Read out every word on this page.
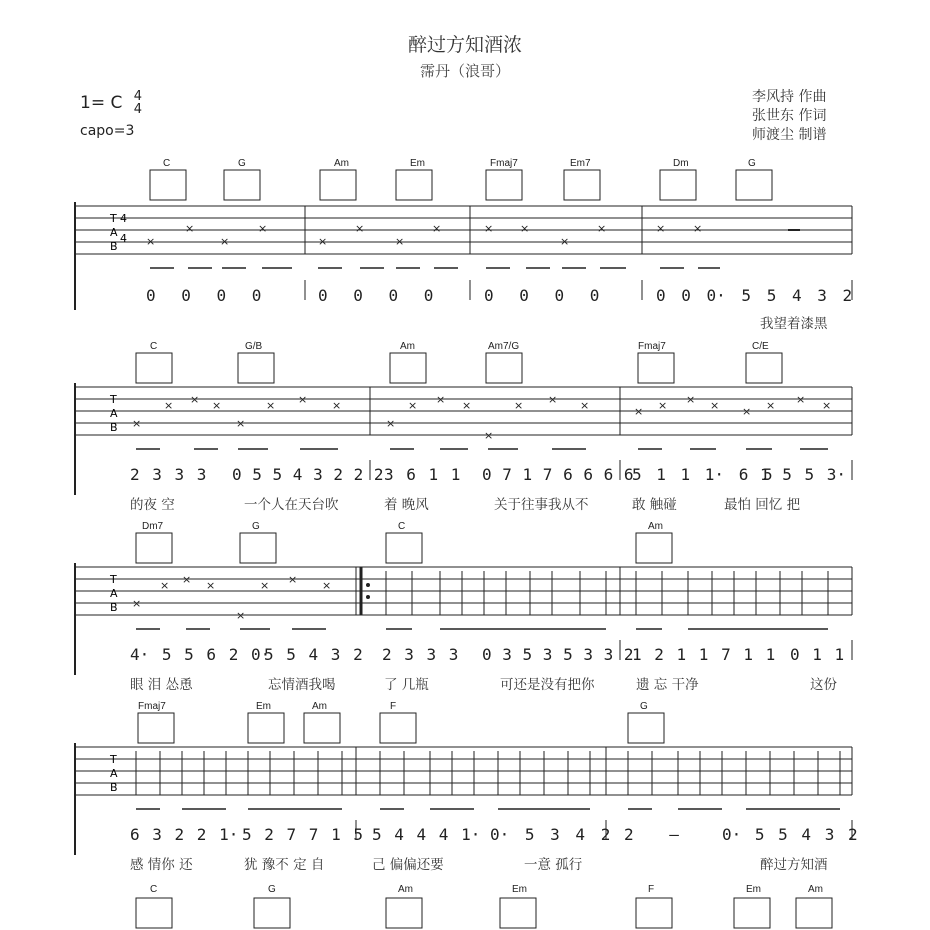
醉过方知酒浓
霈丹（浪哥）
1= C 4
4
capo=3
李风持 作曲
张世东 作词
师渡尘 制谱
C	G	Am	Em	Fmaj7	Em7	Dm	G
T
A
B
4
4 ×
×
×
×
×
×
×
×	× ×
×
×	×	×
0 0 0 0	0 0 0 0	0 0 0 0	0 0 0· 5 5 4 3 2
我望着漆黑
C	G/B	Am	Am7/G	Fmaj7	C/E
T
A
B ×
× × ×
×
× × ×
×
× × ×
×
× × ×	× × × × × × × ×
2 3 3 3 0 5 5 4 3 2 2 2 3 6 1 1 0 7 1 7 6 6 6 6
5 1 1 1· 6 5
1 5 5 3·
的夜 空	一个人在天台吹	着 晚风	关于往事我从不	敢 触碰	最怕 回忆 把
Dm7	G	C	Am
T
A
B ×
× × ×
×
× × ×
4· 5 5 6 2 0·
5 5 4 3 2 2 3 3 3 0 3 5 3 5 3 3 2
1 2 1 1 7 1 1 0 1 1
眼 泪 怂恿	忘情酒我喝	了 几瓶	可还是没有把你	遗 忘 干净	这份
Fmaj7	Em	Am	F	G
T
A
B
6 3 2 2 1· 5 2 7 7 1 5 5 4 4 4 1· 0· 5 3 4 2 2 –	0· 5 5 4 3 2
感 情你 还	犹 豫不 定 自	己 偏偏还要	一意 孤行	醉过方知酒
C	G	Am	Em	F	Em	Am
